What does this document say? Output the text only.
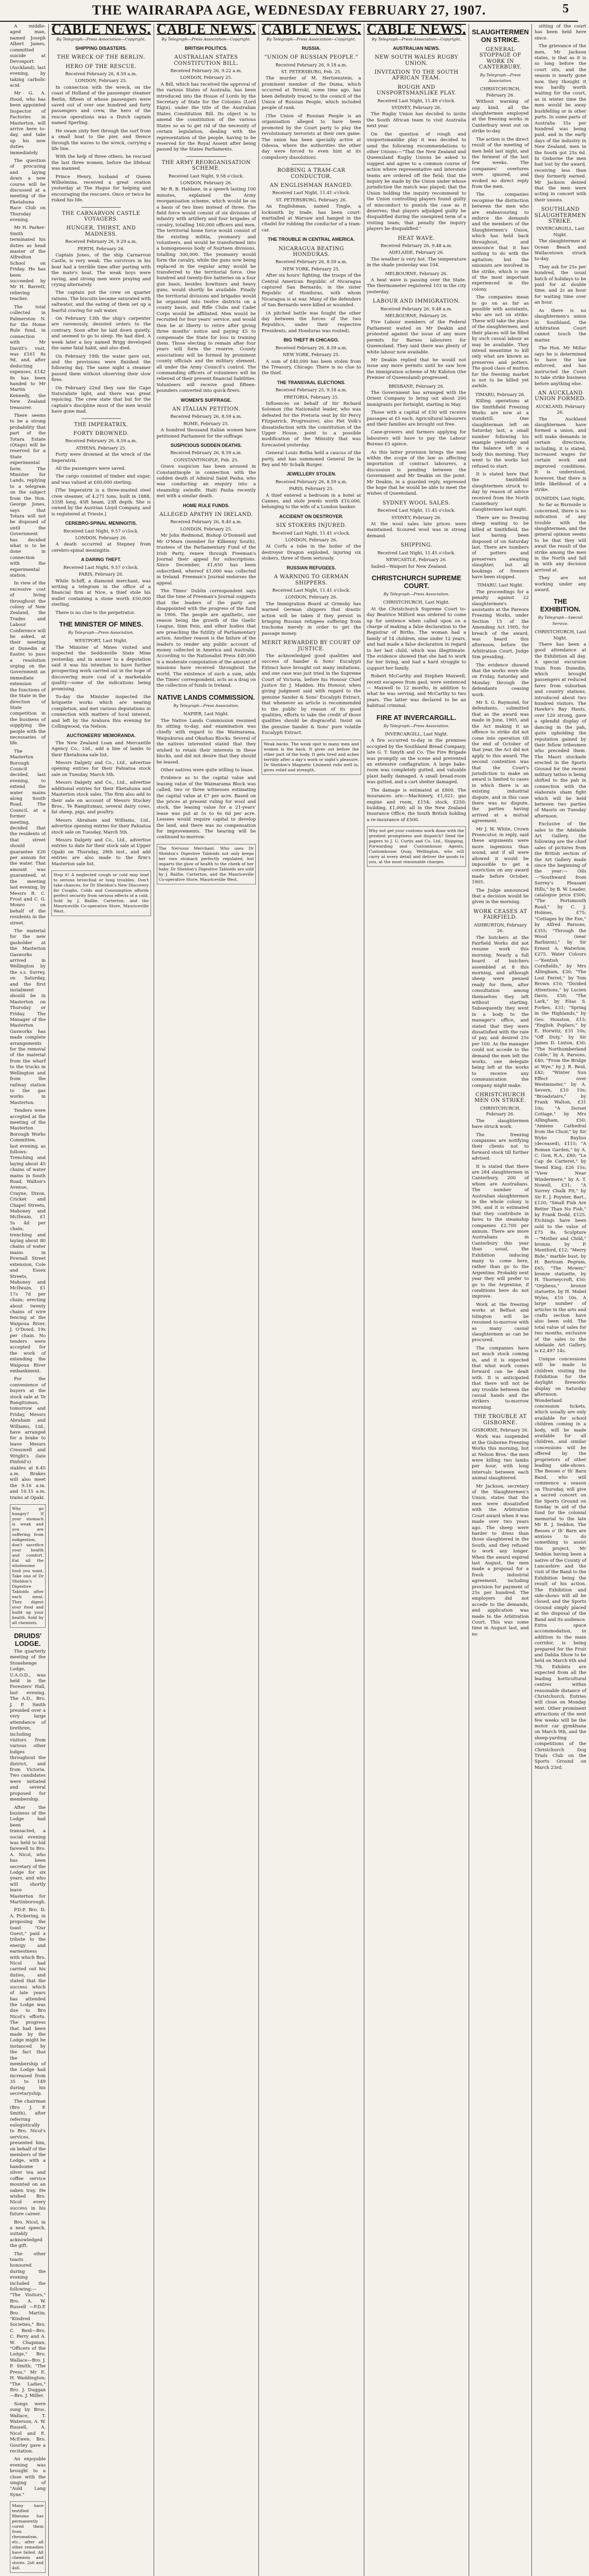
THE WAIRARAPA AGE, WEDNESDAY FEBRUARY 27, 1907.	5

A middle-aged man, named Joseph Albert James, committed suicide at Devonport (Auckland), last evening, by taking carbolic acid.

Mr G. A. Hood, who has been appointed Inspector of Factories in Masterton, will arrive here to-day, and take up his new duties immediately.

The question of procuring and laying down a new course will be discussed at a meeting of the Eketahuna Race Club on Thursday evening.

Mr H. Parker-Smith terminated his duties as head master of the Alfredton School on Friday. He has been succeeded by Mr H. Barrett, relieving teacher.

The total collected in Palmerston N. for the Home Rule fund, in connection with Mr Davitt's visit, was £161 8s 9d, and, after deducting expenses, £142 8s has been handed to Mr Martin Kennedy, the New Zealand treasurer.

There seems to be a strong probability that part of the Totara Estate (Otago) will be reserved for a State experimental farm. The Minister for Lands, replying to a telegram on the subject from the Hon. George Jones, says that Totara will not be disposed of until the Government has decided what is to be done in connection with the experimental station.

In view of the excessive cost of living throughout the colony of New Zealand, the Trades and Labour Conference will be asked, at their meeting at Dunedin at Easter, to pass a resolution urging on the Government an immediate extension of the functions of the State in the direction of State competition in the business of supplying the people with the necessaries of life.

The Masterton Borough Council decided, last evening, to extend the water mains along South Road. The Council, at a former meeting, decided that the residents of that street should guarantee £20 per annum for the water. That amount was guaranteed, at the meeting last evening, by Messrs R. C. Frost and C. G. Monro on behalf of the residents in the street.

The material for the new gasholder at the Masterton Gasworks arrived in Wellington by the s.s. Surrey, on Saturday, and the first instalment should be in Masterton on Thursday or Friday. The Manager of the Masterton Gasworks has made complete arrangements for the removal of the material from the wharf to the trucks in Wellington and from the railway station to the gas works in Masterton.

Tenders were accepted at the meeting of the Masterton Borough Works Committee, last evening, as follows: Trenching and laying about 45 chains of water mains in South Road, Walton's Avenue, Crayne, Dixon, Cricket and Chapel Streets, Mahoney and McIlwain, £1 5s 4d per chain; trenching and laying about 80 chains of water mains in Pownall Street extension, Cole and Essex Streets, Mahoney and McIlwain, £1 17s 7d per chain; erecting about twenty chains of wire fencing at the Waipoua River, J. O'Dowd, 19s per chain. No tenders were accepted for the work of extending the Waipoua River embankment.

For the convenience of buyers at the stock sale at Te Rangitumau, tomorrow and Friday, Messrs Abraham and Williams, Ltd., have arranged for a brake to leave Messrs Cresswell and Wright's (late Pinfold's) stables at 8.45 a.m. Brakes will also meet the 9.16 a.m. and 10.15 a.m. trains at Opaki.

Why go hungry? If your stomach is weak and you are suffering from indigestion, don't sacrifice your health and comfort. Eat all the wholesome food you want. Take one of Dr Sheldon's Digestive Tabloids after each meal. They digest your food and build up your health. Sold by all chemists.
DRUIDS' LODGE.

The quarterly meeting of the Stonehenge Lodge, U.A.O.D., was held in the Foresters' Hall, last evening. The A.D., Bro. J. P. Smith presided over a very large attendance of brethren, including visitors from various other lodges throughout the district, and from Victoria. Two candidates were initiated and several proposed for membership.

After the business of the Lodge had been transacted, a social evening was held to bid farewell to Bro. A. Nicol, who has been secretary of the Lodge for six years, and who will shortly leave Masterton for Martinborough.

P.D.P. Bro. D. A. Pickering, in proposing the toast "Our Guest," paid a tribute to the energy and earnestness with which Bro. Nicol had carried out his duties, and stated that the success which of late years has attended the Lodge was due to Bro Nicol's efforts. The progress that had been made by the Lodge might be instanced by the fact that the membership of the Lodge had increased from 35 to 149 during his secretaryship.

The chairman (Bro J. P. Smith), after referring eulogistically to Bro. Nicol's services, presented him, on behalf of the members of the Lodge, with a handsome silver tea and coffee service mounted on an oaken tray. He wished Bro. Nicol every success in his future career.

Bro. Nicol, in a neat speech, suitably acknowledged the gift.

The other toasts honoured during the evening included the following:— "The Visitors," Bro. A. W. Russell —P.D.P. Bro. Martin; "Kindred Societies," Bro. C. Reid—Bro. C. Perry and A. W. Chapman; "Officers of the Lodge," Bro. Wallace—Bro. J. P. Smith; "The Press," Mr E. H. Waddington; "The Ladies," Bro. J. Duggan—Bro. J. Miller.

Songs were sung by Bros. Wallace, T. Waterson, A. W. Russell, A. Nicol and E. McEwen. Bro. Gourley gave a recitation.

An enjoyable evening was brought to a close with the singing of "Auld Lang Syne."

Many have testified Rheumo has permanently cured them from rheumatism, etc., after all other remedies have failed. All chemists and stores. 2s6 and 4s6.
CABLE NEWS.
By Telegraph—Press Association—Copyright.
SHIPPING DISASTERS.
THE WRECK OF THE BERLIN.
HERO OF THE RESCUE.
Received February 26, 8.59 a.m.
LONDON, February 25.

In connection with the wreck, on the coast of Holland of the passenger steamer Berlin, fifteen of whose passengers were saved out of over one hundred and forty passengers and crew, the hero of the rescue operations was a Dutch captain named Sperling.

He swam sixty feet through the surf from a small boat to the pier, and thence through the waves to the wreck, carrying a life line.

With the help of three others, he rescued the last three women, before the lifeboat was manned.

Prince Henry, husband of Queen Wilhelmina, received a great ovation yesterday at The Hague for helping and encouraging the rescuers. Once or twice he risked his life.

THE CARNARVON CASTLE VOYAGERS.
HUNGER, THIRST, AND MADNESS.
Received February 26, 9.29 a.m.
PERTH, February 26.

Captain Jones, of the ship Carnarvon Castle, is very weak. The survivors in his boat had a terrible time after parting with the mate's boat. The weak boys were raving, and strong men were praying and crying alternately.

The captain put the crew on quarter rations. The biscuits became saturated with saltwater, and the eating of them set up a fearful craving for salt water.

On February 13th the ship's carpenter are ravenously, desisted orders to the contrary. Soon after he laid down quietly, and seemed to go to sleep. He had died. A week later a boy named Brigg developed the same fatal habit, and also died.

On February 19th the water gave out, and the provisions were finished the following day. The same night a steamer passed them without observing their slow fires.

On February 22nd they saw the Cape Naturaliste light, and there was great rejoicing. The crew state that but for the captain's discipline most of the men would have gone mad.

THE IMPERATRIX.
FORTY DROWNED.
Received February 26, 8.59 a.m.
ATHENS, February 25.

Forty were drowned at the wreck of the Imperatrix.

All the passengers were saved.

The cargo consisted of timber and sugar, and was valued at £60,000 sterling.

[The Imperatrix is a three-masted steel crew steamer, of 4,271 tons, built in 1888, 335ft long, 45ft beam, 23ft depth. She is owned by the Austrian Lloyd Company, and is registered at Trieste.]

CEREBRO-SPINAL MENINGITIS.
Received Last Night, 9.57 o'clock.
LONDON, February 26.

A death occurred at Stepney from cerebro-spinal meningitis.

A DARING THEFT.
Received Last Night, 9.57 o'clock.
PARIS, February 26.

While Schiff, a diamond merchant, was writing a telegram in the office of a financial firm at Nice, a thief stole his wallet containing a stone worth £50,000 sterling.

There is no clue to the perpetrator.

THE MINISTER OF MINES.
By Telegraph—Press Association.
WESTPORT, Last Night.

The Minister of Mines visited and inspected the Seddonville State Mine yesterday, and in answer to a deputation said it was his intention to have further prospecting work carried out in the hope of discovering more coal of a marketable quality—some of the indications being promising.

To-day the Minister inspected the briquette works which are nearing completion, and met various deputations in connection with matters of local interest, and left by the Arahura this evening for Collingwood, via Nelson.

AUCTIONEERS' MEMORANDA.

The New Zealand Loan and Mercantile Agency Co., Ltd., add a line of lambs to their Eketahuna sale list.

Messrs Dalgety and Co., Ltd., advertise opening entries for their Pahiatua stock sale on Tuesday, March 5th.

Messrs Dalgety and Co., Ltd., advertise additional entries for their Eketahuna and Masterton stock sales. The firm also add to their sale on account of Messrs Stuckey Bros., Te Rangitumau, several dairy cows, fat sheep, pigs, and poultry.

Messrs Abraham and Williams, Ltd., advertise opening entries for their Pahiatua stock sale on Tuesday, March 5th.

Messrs Dalgety and Co., Ltd., advertise entries to date for their stock sale at Upper Opaki on Thursday, 28th inst., and add entries are also made to the firm's Masterton sale list.

Stop it! A neglected cough or cold may lead to serious bronchial or lung troubles. Don't take chances, for Dr Sheldon's New Discovery for Coughs, Colds and Consumption affords perfect security from serious effects of a cold. Sold by J. Baillie, Carterton, and the Mauriceville Co-operative Store, Mauriceville West.
CABLE NEWS.
By Telegraph—Press Association—Copyright.
BRITISH POLITICS.
AUSTRALIAN STATES CONSTITUTION BILL.
Received February 26, 9.22 a.m.
LONDON, February 25.

A Bill, which has received the approval of the various States of Australia, has been introduced into the House of Lords by the Secretary of State for the Colonies (Lord Elgin), under the title of the Australian States Constitution Bill. Its object is to amend the constitution of the various States so as to get rid of the necessity of certain legislation, dealing with the representation of the people, having to be reserved for the Royal Assent after being passed by the States Parliaments.

THE ARMY REORGANISATION SCHEME.
Received Last Night, 9.58 o'clock.
LONDON, February 26.

Mr R. B. Haldane, in a speech lasting 100 minutes, explained the Army reorganisation scheme, which would be on a basis of two lines instead of three. The field force would consist of six divisions of infantry with artillery and four brigades of cavalry, totalling 160,000 officers and men. The territorial home force would consist of the existing militia, yeomanry and volunteers, and would be transformed into a homogeneous body of fourteen divisions, totalling 300,000. The yeomanry would form the cavalry, while the guns now being replaced in the regular army would be transferred to the territorial force. One hundred and twenty-five batteries on a four gun basis, besides howitzers and heavy guns, would shortly be available. Finally the territorial divisions and brigades would be organised into twelve districts on a county basis, and Rifle Clubs and Cadet Corps would be affiliated. Men would be recruited for four years' service, and would then be at liberty to retire after giving three months' notice and paying £5 to compensate the State for loss in training them. Those electing to remain after four years will form the reserve. County associations will be formed by prominent county officials and the military element, all under the Army Council's control. The commanding officers of volunteers will be relieved of their present financial liabilities. Volunteers will receive good fifteen-pounders converted into quick-firers.

WOMEN'S SUFFRAGE.
AN ITALIAN PETITION.
Received February 26, 8.59 a.m.
ROME, February 25.

A hundred thousand Italian women have petitioned Parliament for the suffrage.

SUSPICIOUS SUDDEN DEATHS.
Received February 26, 8.59 a.m.
CONSTANTINOPLE, Feb. 25.

Grave suspicion has been aroused in Constantinople in connection with the sudden death of Admiral Saint Pasha, who was conducting an enquiry into a steamship swindle. Haiti Pasha recently met with a similar death.

HOME RULE FUNDS.
ALLEGED APATHY IN IRELAND.
Received February 26, 8.40 a.m.
LONDON, February 25.

Mr John Redmond, Bishop O'Donnell and Mr O'Mara (member for Kilkenny South), trustees of the Parliamentary Fund of the Irish Party, renew through Freeman's Journal their appeal for subscriptions. Since December, £1,650 has been subscribed, whereof £1,000 was collected in Ireland. Freeman's Journal endorses the appeal.

The Times' Dublin correspondent says that the tone of Freeman's Journal suggests that the leaders of the party are disappointed with the progress of the fund in 1906. The people are apathetic, one reason being the growth of the Gaelic League, Sinn Fein, and other bodies that are preaching the futility of Parliamentary action. Another reason is the failure of the leaders to render any public account of money collected in America and Australia. According to the Nationalist Press £40,000 is a moderate computation of the amount of missions have received throughout the world. The existence of such a sum, adds the Times' correspondent, acts as a drag on the collection of funds in Ireland.

NATIVE LANDS COMMISSION.
By Telegraph—Press Association.
NAPIER, Last Night.

The Native Lands Commission resumed its sitting to-day, and examination was chiefly with regard to the Waimarama, Waipukurau and Okaihau Blocks. Several of the natives interested stated that they wished to retain their interests in these blocks, and did not desire that they should be leased.

Other natives were quite willing to lease.

Evidence as to the capital value and leasing value of the Waimarama Block was called, two or three witnesses estimating the capital value at £7 per acre. Based on the prices at present ruling for wool and stock, the leasing value for a 21-years' lease was put at 5s to 6s 6d per acre. Lessees would require capital to develop the land, and there was no compensation for improvements. The hearing will be continued to-morrow.

The Nervous Merchant. Who uses Dr Sheldon's Digestive Tabloids not only keeps her own stomach perfectly regulated, but imparts the glow of health to the cheek of her baby. Dr Sheldon's Digestive Tabloids are sold by J. Baillie, Carterton, and the Mauriceville Co-operative Store, Mauriceville West.
CABLE NEWS.
By Telegraph—Press Association—Copyright.
RUSSIA.
"UNION OF RUSSIAN PEOPLE."
Received February 26, 9.18 a.m.
ST. PETERSBURG, Feb. 25.

The murder of M. Hertzenstein, a prominent member of the Duma, which occurred at Terroki, some time ago, has been definitely traced to the council of the Union of Russian People, which included people of rank.

(The Union of Russian People is an organisation alleged to have been promoted by the Court party to play the revolutionary terrorists at their own game. The union has been specially active at Odessa, where the authorities the other day were forced to even hint at its compulsory dissolution).

ROBBING A TRAM-CAR CONDUCTOR.
AN ENGLISHMAN HANGED.
Received Last Night, 11.41 o'clock.
ST. PETERSBURG, February 26.

An Englishman, named Tingle, a locksmith by trade, has been court-martialled at Warsaw and hanged in the citadel for robbing the conductor of a tram-car.

THE TROUBLE IN CENTRAL AMERICA.
NICARAGUA BEATING HONDURAS.
Received February 26, 8.59 a.m.
NEW YORK, February 25.

After six hours' fighting, the troops of the Central American Republic of Nicaragua captured San Bernardo, in the sister Republic of Honduras, with whom Nicaragua is at war. Many of the defenders of San Bernardo were killed or wounded.

(A pitched battle was fought the other day between the forces of the two Republics, under their respective Presidents, and Honduras was routed).

BIG THEFT IN CHICAGO.
Received February 26, 8.59 a.m.
NEW YORK, February 25.

A sum of £40,000 has been stolen from the Treasury, Chicago. There is no clue to the thief.

THE TRANSVAAL ELECTIONS.
Received February 25, 9.18 a.m.
PRETORIA, February 25.

Influences on behalf of Sir Richard Solomon (the Nationalist leader, who was defeated for the Pretoria seat by Sir Percy Fitzpatrick, Progressive), also Het Volk's dissatisfaction with the constitution of the Upper House, point to a possible modification of the Ministry that was forecasted yesterday.

General Louis Botha held a caucus of the party, and has summoned General De la Rey and Mr Schalk Burger.

JEWELLERY STOLEN.
Received February 26, 8.59 a.m.
PARIS, February 25.

A thief entered a bedroom in a hotel at Cannes, and stole jewels worth £10,000, belonging to the wife of a London banker.

ACCIDENT ON DESTROYER.
SIX STOKERS INJURED.
Received Last Night, 11.41 o'clock.
LONDON, February 26.

At Corfu a tube in the boiler of the destroyer Dragon exploded, injuring six stokers, three of them seriously.

RUSSIAN REFUGEES.
A WARNING TO GERMAN SHIPPERS.
Received Last Night, 11.41 o'clock.
LONDON, February 26.

The Immigration Board at Grimsby has warned German shippers that drastic action will be taken if they persist in bringing Russian refugees suffering from trachoma merely in order to get the passage money.

MERIT REWARDED BY COURT OF JUSTICE.

The acknowledged good qualities and success of Sander & Sons' Eucalypti Extract have brought out many imitations, and one case was just tried in the Supreme Court of Victoria, before his Honour Chief Justice Sir J. Madden. His Honour, when giving judgment said with regard to the genuine Sander & Sons' Eucalypti Extract, that whenever an article is recommended to the public by reason of its good qualities, efforts to take the credit of those qualities should be disgraceful. Insist on the genuine Sander & Sons' pure volatile Eucalypti Extract.

Weak backs. The weak spot in many men and women is the back. It gives out before the other part of the body. It gets tired and aches terribly after a day's work or night's pleasure. Dr Sheldon's Magnetic Liniment rubs well in, gives relief and strength.
CABLE NEWS.
By Telegraph—Press Association—Copyright.
AUSTRALIAN NEWS.
NEW SOUTH WALES RUGBY UNION.
INVITATION TO THE SOUTH AFRICAN TEAM.
ROUGH AND UNSPORTSMANLIKE PLAY.
Received Last Night, 11.49 o'clock.
SYDNEY, February 26.

The Rugby Union has decided to invite the South African team to visit Australia next year.

On the question of rough and unsportsmanlike play it was decided to send the following recommendations to other Unions:—"That the New Zealand and Queensland Rugby Unions be asked to suggest and agree to a common course of action where representative and interstate teams are ordered off the field; that the inquiry be made by the Union under whose jurisdiction the match was played; that the Union holding the inquiry recommend to the Union controlling players found guilty of misconduct to punish the case as it deserves; that players adjudged guilty be disqualified during the unexpired term of a visiting team; that penalty the inquiry players be disqualified."

HEAT WAVE.
Received February 26, 9.48 a.m.
ADELAIDE, February 26.

The weather is very hot. The temperature in the shade yesterday was 104.

MELBOURNE, February 26.

A heat wave is passing over the State. The thermometer registered 103 in the city yesterday.

LABOUR AND IMMIGRATION.
Received February 26, 9.48 a.m.
MELBOURNE, February 26.

Five Labour members of the Federal Parliament waited on Mr Deakin and protested against the issue of any more permits for Barnes labourers for Queensland. They said there was plenty of white labour now available.

Mr Deakin replied that he would not issue any more permits until he saw how the immigration scheme of Mr Kidston (the Premier of Queensland) progressed.

BRISBANE, February 26.

The Government has arranged with the Orient Company to bring out about 200 immigrants per fortnight, starting in May.

Those with a capital of £50 will receive passages at £5 each. Agricultural labourers and their families are brought out free.

Cane-growers and farmers applying for labourers will have to pay the Labour Bureau £5 apiece.

As this latter provision brings the men within the scope of the law as affecting importation of contract labourers, a discussion is pending between the Government and Mr Deakin on the point. Mr Deakin, in a guarded reply, expressed the hope that he would be able to meet the wishes of Queensland.

SYDNEY WOOL SALES.
Received Last Night, 11.45 o'clock.
SYDNEY, February 26.

At the wool sales late prices were maintained. Scoured wool was in strong demand.

SHIPPING.
Received Last Night, 11.45 o'clock.
NEWCASTLE, February 26.

Sailed—Waipori for New Zealand.

CHRISTCHURCH SUPREME COURT.
By Telegraph—Press Association.
CHRISTCHURCH, Last Night.

At the Christchurch Supreme Court to-day Beatrice Milford was ordered to come up for sentence when called upon on a charge of making a false declaration to the Registrar of Births. The woman had a family of 14 children, nine under 12 years, and had made a false declaration in regard to her last child, which was illegitimate. The evidence showed that she had to work for her living, and had a hard struggle to support her family.

Robert McCarthy and Stephen Maxwell, recent escapees from gaol, were sentenced — Maxwell to 12 months, in addition to what he was serving, and McCarthy to two years. The latter was declared to be an habitual criminal.

FIRE AT INVERCARGILL.
By Telegraph—Press Association.
INVERCARGILL, Last Night.

A fire occurred to-day in the premises occupied by the Southland Bread Company, late G. T. Smyth and Co. The Fire Brigade was promptly on the scene and prevented an extensive conflagration. A large bake-room was completely gutted, and valuable plant badly damaged. A small bread-room was gutted, and a cart shelter damaged.

The damage is estimated at £800. The insurances are:—Machinery, £1,021; gas engine and room, £154; stock, £250; building, £1,000; all in the New Zealand Insurance Office, the South British holding a re-insurance of £500.

Why not get your customs work done with the greatest promptness and dispatch? Send the papers to J. U. Curtis and Co. Ltd., Shipping, Forwarding and Customhouse Agents, Customhouse Quay, Wellington, who will carry at every detail and deliver the goods to you, at the most reasonable charges.
SLAUGHTERMEN ON STRIKE.
GENERAL STOPPAGE OF WORK IN CANTERBURY.
By Telegraph—Press Association.
CHRISTCHURCH, February 26.

Without warning of any kind, all the slaughtermen employed at the freezing works in Canterbury went out on strike to-day.

The action is the direct result of the meeting of men held last night, and the ferment of the last few weeks. The companies' overtures were ignored, and evoked no direct reply from the men.

The companies recognise the distinction between the men who are endeavouring to enforce the demands and the members of the Slaughtermen's Union, which has held back throughout, and announce that it has nothing to do with the agitation; but the unionists are involved in the strike, which is one of the most important experienced in the colony.

The companies mean to go on as far as possible with assistants, who are not on strike. These will take the place of the slaughtermen, and their places will be filled by such casual labour as may be available. They intend meantime to kill only what are known as preserves and potters. The good class of mutton for the freezing market is not to be killed yet awhile.

TIMARU, February 26.

Killing operations at the Smithfield Freezing Works are now at a standstill. One slaughterman left on Saturday last, a small number following his example yesterday and the balance left in a body this morning. They went to the works but refused to start.

It is stated here that the Smithfield slaughtermen struck to-day by reason of advice received from the North Canterbury slaughtermen last night.

There are no freezing sheep waiting to be killed at Smithfield, the last having been disposed of on Saturday last. There are numbers of potters and preservers awaiting slaughter, but all bookings of freezers have been stopped.

TIMARU, Last Night.

The proceedings for a penalty against 22 slaughtermen's assistants at the Pareora Freezing Works, under Section 15 of the Amending Act 1905, for breach of the award, was heard this afternoon, before the Arbitration Court, Judge Sim presiding.

The evidence showed that the works were idle on Friday, Saturday and Monday through the defendants ceasing work.

Mr S. G. Raymond, for defendants, submitted that as the award was made in June, 1905, and the Act making it an offence to strike did not come into operation till the end of October of that year, the Act did not apply to this award. The second contention was that the Court's jurisdiction to make an award is limited to cases in which there is an existing industrial dispute, and in this case there was no dispute, the parties having arrived at a mutual agreement.

Mr J. W. White, Crown Prosecutor, in reply, said these arguments were more ingenious than sound, and if all were allowed it would be impossible to get a conviction on any award made before October, 1905.

The Judge announced that a decision would be given in the morning.

WORK CEASES AT FAIRFIELD.
ASHBURTON, February 26.

The butchers at the Fairfield Works did not resume work this morning. Nearly a full board of butchers assembled at 8 this morning, and although sheep were penned ready for them, after consultation among themselves they left without starting. Subsequently they went in a body to the manager's office, and stated that they were dissatisfied with the rate of pay, and desired 25s per 100. As the manager could not accede to the demand the men left the works, one delegate being left at the works to receive any communication the company might make.

CHRISTCHURCH MEN ON STRIKE.
CHRISTCHURCH, February 26.

The slaughtermen have struck work.

The freezing companies are notifying their clients not to forward stock till further advised.

It is stated that there are 284 slaughtermen in Canterbury, 200 of whom are Australians. The number of Australian slaughtermen in the whole colony is 590, and it is estimated that they contribute in fares to the steamship companies £2,700 per annum. There are more Australians in Canterbury this year than usual, the Exhibition inducing many to come here, rather than go to the Argentine. Probably next year they will prefer to go to the Argentine, if conditions here do not improve.

Work at the freezing works at Belfast and Islington will be resumed to-morrow with as many casual slaughtermen as can be procured.

The companies have not much stock coming in, and it is expected that what work comes forward can be dealt with. It is anticipated that there will not be any trouble between the casual hands and the strikers to-morrow morning.

THE TROUBLE AT GISBORNE.
GISBORNE, February 26.

Work was suspended at the Gisborne Freezing Works this morning, but at Nelson Bros.' the men were killing two lambs per hour, with long intervals between each animal slaughtered.

Mr Jackson, secretary of the Slaughtermen's Union, states that the men were dissatisfied with the Arbitration Court award when it was made over two years ago. The sheep were harder to dress than those slaughtered in the South, and they refused to work any longer. When the award expired last August, the men made a proposal for a fresh industrial agreement, including provision for payment of 25s per hundred. The employers did not accede to the demands, and application was made to the Arbitration Court. This was some time in August last, and no

sitting of the court has been held here since.

The grievance of the men, Mr Jackson states, is that as it is so long before the court sits, and the season is nearly gone now, they thought it was hardly worth waiting for the court, as in winter time the men would be away bushfelling or in other parts. In some parts of Australia 35s per hundred was being paid, and in the early days of the industry in New Zealand, men in the South got 25s 6d. In Gisborne the men had lost by the award, receiving less than they formerly earned. Mr Jackson denied that the men were acting in concert with their unions.

SOUTHLAND SLAUGHTERMEN STRIKE.
INVERCARGILL, Last Night.

The slaughtermen at Ocean Beach and Wallacetown struck to-day.

They ask for 25s per hundred, the usual batch of holidays to be paid for at double time, and 2s an hour for waiting time over an hour.

As there is no slaughtermen's union in Southland, the Arbitration Court cannot touch the matter.

The Hon. Mr Millar says he is determined to have the law enforced, and has instructed the Court to take strike business before anything else.

AN AUCKLAND UNION FORMED.
AUCKLAND, February 26.

The Auckland slaughtermen have formed a union, and will make demands in certain directions, including, it is stated, increased wages for certain work and improved conditions. It is understood, however, that there is little likelihood of a strike.

DUNEDIN, Last Night.

So far as Burnside is concerned, there is no indication of any trouble with the slaughtermen, and the general opinion seems to be that they will await the result of the strike among the men in the North and fall in with any decision arrived at.

They are not working under any award.

THE EXHIBITION.
By Telegraph—Special Service.
CHRISTCHURCH, Last Night.

There has been a good attendance at the Exhibition all day. A special excursion train from Dunedin, which brought passengers at reduced fares from suburban and country stations, introduced about two hundred visitors. The Hawke's Bay Hauts, over 120 strong, gave a splendid display of dancing in the pah, quite upholding the reputation gained by their fellow tribesmen who preceded them. The Maori stockade erected in the Sports Ground for the recent military tattoo is being shifted to the pah in connection with the elaborate sham fight which will be held between two parties of Maoris on Tuesday afternoon.

Exclusive of the sales to the Adelaide Art Gallery, the following are the chief sales of pictures from the British section of the Art Gallery made since the beginning of the year:— Oils—"Southward from Surrey's Pleasant Hills," by B. W. Leader, catalogue price £500; "The Portsmouth Road," by C. J. Holmes, £75; "Cottages by the Exe," by Alfred Parsons, £355; "Through the Wood (near Barbizon)," by Sir Ernest A. Waterlow, £275. Water Colours—"Kentish Cornfields," by Mrs Allingham, £30; "The Lost Ferret," by Tom Brown £10; "Divided Attentions," by Lucien Davis, £50; "The Lark," by Elias S. Forbes, £31; "Spring in the Highlands," by Geo. Houston, £15; "English Poplars," by E. Horwitz, £31 10s; "Off Duty," by Sir James D. Linton, £30; "The Northumberland Coble," by A. Parsons, £40; "From the Bridge at Wye," by J. R. Reid, £42; "Winter Sun Effect over Westminster," by A. Severn, £10 10s; "Broadstairs," by Frank Walton, £31 10s; "A Dorset Cottage," by Mrs Allingham, £50; "Amiens Cathedral from the Choir," by Sir Wyke Bayliss (deceased), £115; "A Roman Garden," by A. C. Gow, R.A., £80; "Le Cap de Carteret," by Yeend King, £26 15s; "View Near Windermere," by A. T. Nowell, £31; "A Surrey Chalk Pit," by Sir E. J. Poynter, Bart., £120; "Small Fish Are Better Than No Fish," by Frank Dodd, £125. Etchings have been sold to the value of £75 8s. Sculpture—"Mother and Child," bronze, by P. Montford, £12; "Merry Bide," marble bust, by H. Bertram Pegram, £65; "The Mower," bronze statuette, by H. Thorneycroft, £50; "Orpheus," bronze statuette, by H. Mabel Wyles, £10 10s. A large number of articles in the arts and crafts section have also been sold. The total value of sales for two months, exclusive of the sales to the Adelaide Art Gallery, is £2,497 14s.

Unique concessions will be made to children visiting the Exhibition for the daylight fireworks display on Saturday afternoon. Wonderland concession tickets, which usually are only available for school children coming in a body, will be made available for all children, and similar concessions will be offered by the proprietors of other leading side-shows. The Besses o' th' Barn Band, who will commence a season on Thursday, will give a sacred concert on the Sports Ground on Sunday in aid of the fund for the colonial memorial to the late Mr R. J. Seddon. The Besses o' th' Barn are anxious to do something to assist this project, Mr Seddon having been a native of the County of Lancashire and the visit of the Band to the Exhibition being the result of his action. The Exhibition and side-shows will all be closed, and the Sports Ground simply placed at the disposal of the Band and its audience. Extra space accommodation, in addition to the main corridor, is being prepared for the Fruit and Dahlia Show to be held on March 6th and 7th. Exhibits are expected from all the leading horticultural centres within reasonable distance of Christchurch. Entries will close on Monday next. Other prominent attractions of the next few weeks will be the motor car gymkhana on March 9th, and the sheep-yarding competitions of the Christchurch Dog Trials Club on the Sports Ground on March 23rd.
